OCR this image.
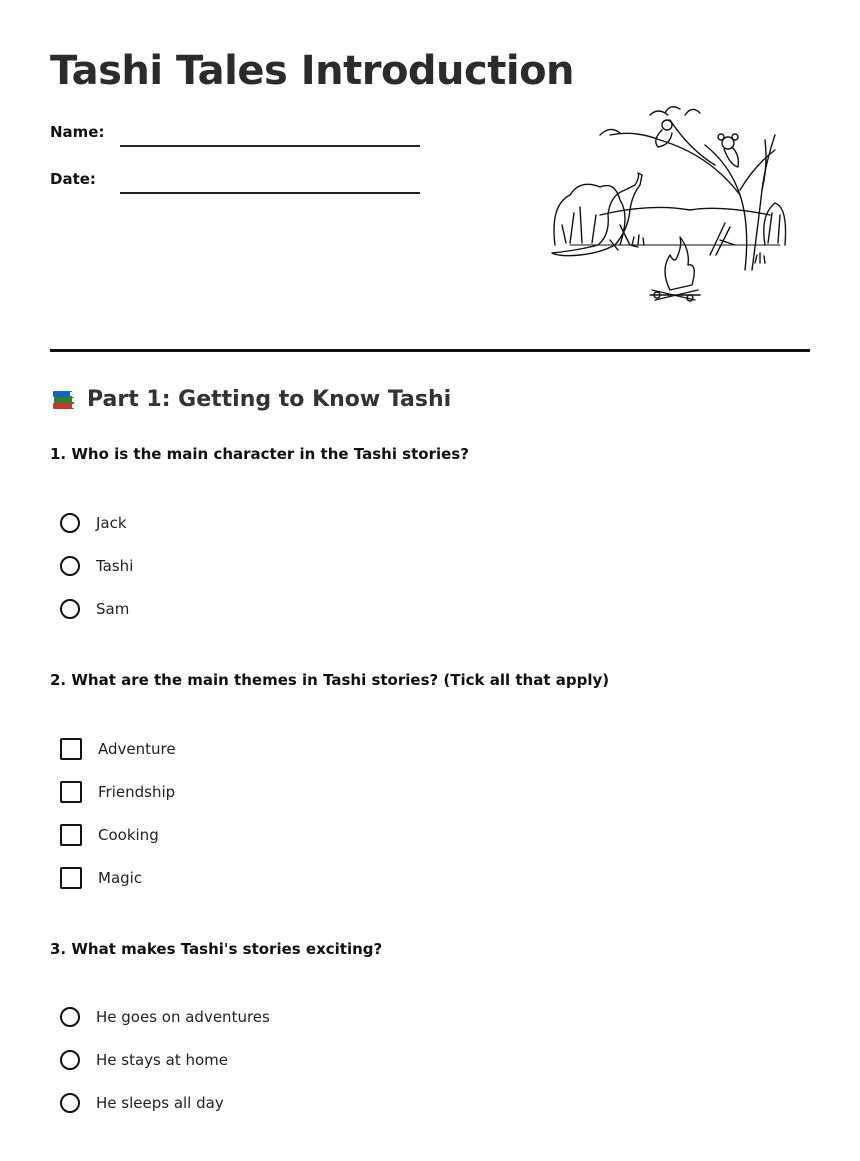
Tashi Tales Introduction
Name:
Date:
Part 1: Getting to Know Tashi

1. Who is the main character in the Tashi stories?

Jack
Tashi
Sam

2. What are the main themes in Tashi stories? (Tick all that apply)

Adventure
Friendship
Cooking
Magic

3. What makes Tashi's stories exciting?

He goes on adventures
He stays at home
He sleeps all day
